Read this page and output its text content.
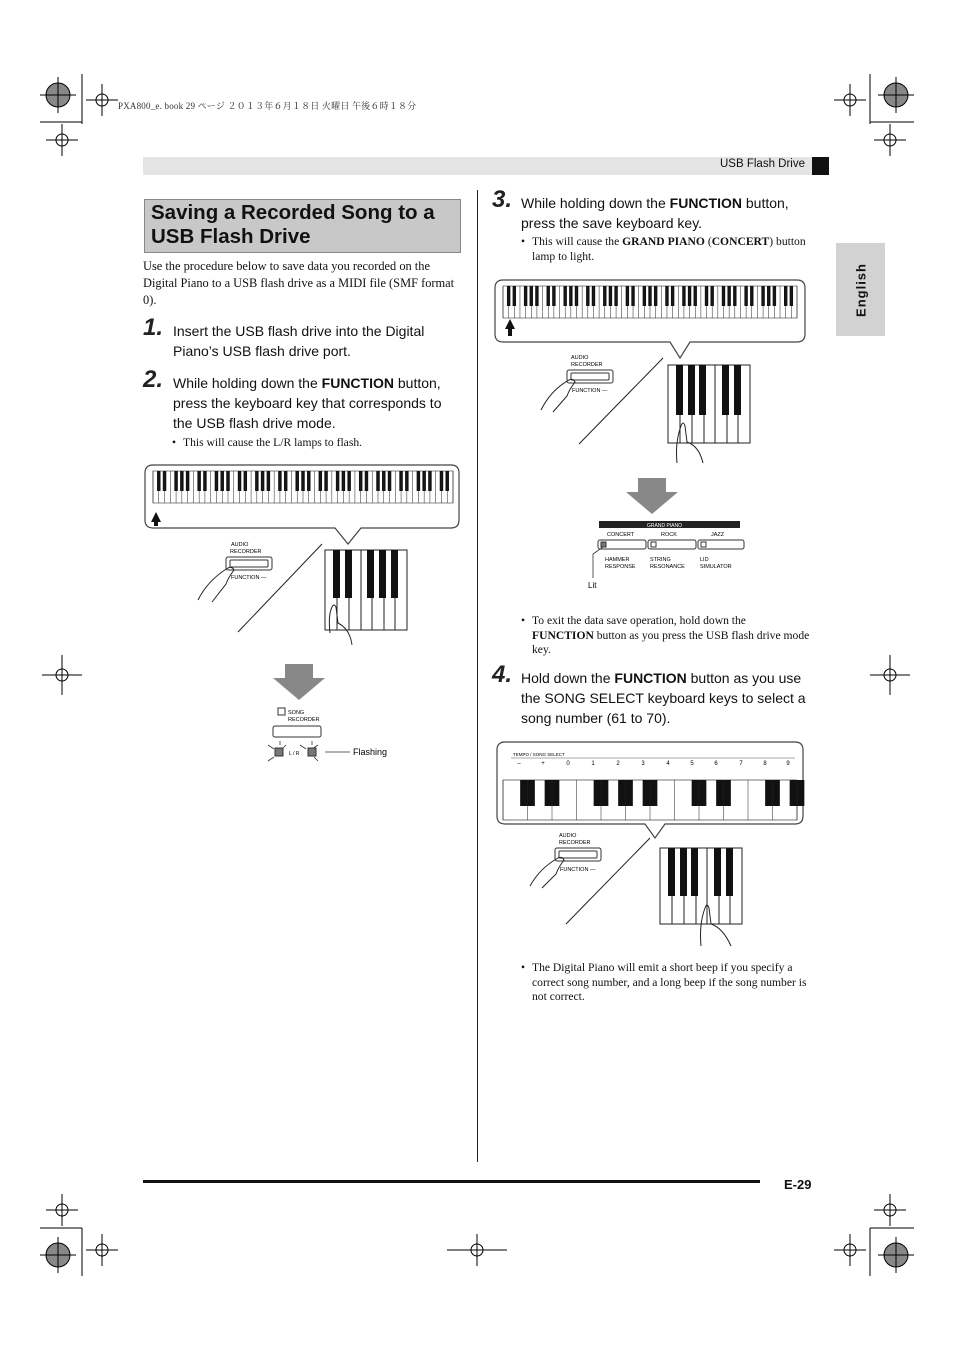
PXA800_e. book 29 ページ ２０１３年６月１８日 火曜日 午後６時１８分
USB Flash Drive
English
Saving a Recorded Song to a USB Flash Drive
Use the procedure below to save data you recorded on the Digital Piano to a USB flash drive as a MIDI file (SMF format 0).
1. Insert the USB flash drive into the Digital Piano’s USB flash drive port.
2. While holding down the FUNCTION button, press the keyboard key that corresponds to the USB flash drive mode.
• This will cause the L/R lamps to flash.
AUDIO
RECORDER
FUNCTION —
SONG
RECORDER
L / R	Flashing
3. While holding down the FUNCTION button, press the save keyboard key.
• This will cause the GRAND PIANO (CONCERT) button lamp to light.
AUDIO
RECORDER
FUNCTION —
GRAND PIANO
CONCERT	ROCK	JAZZ
HAMMER
RESPONSE
STRING
RESONANCE
LID
SIMULATOR
Lit
• To exit the data save operation, hold down the FUNCTION button as you press the USB flash drive mode key.
4. Hold down the FUNCTION button as you use the SONG SELECT keyboard keys to select a song number (61 to 70).
TEMPO / SONG SELECT
–	+	0	1	2	3	4	5	6	7	8	9
AUDIO
RECORDER
FUNCTION —
• The Digital Piano will emit a short beep if you specify a correct song number, and a long beep if the song number is not correct.
E-29
